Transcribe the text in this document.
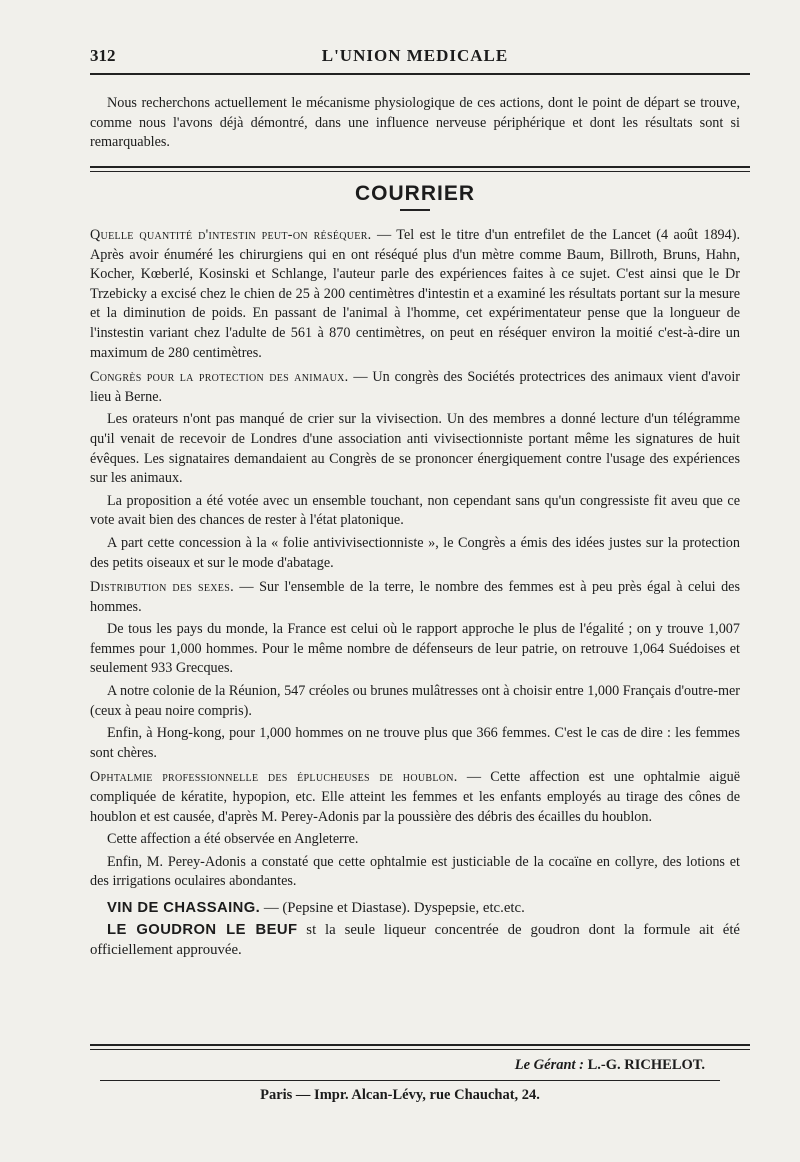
312	L'UNION MEDICALE

Nous recherchons actuellement le mécanisme physiologique de ces actions, dont le point de départ se trouve, comme nous l'avons déjà démontré, dans une influence nerveuse périphérique et dont les résultats sont si remarquables.

COURRIER

Quelle quantité d'intestin peut-on réséquer. — Tel est le titre d'un entrefilet de the Lancet (4 août 1894). Après avoir énuméré les chirurgiens qui en ont réséqué plus d'un mètre comme Baum, Billroth, Bruns, Hahn, Kocher, Kœberlé, Kosinski et Schlange, l'auteur parle des expériences faites à ce sujet. C'est ainsi que le Dr Trzebicky a excisé chez le chien de 25 à 200 centimètres d'intestin et a examiné les résultats portant sur la mesure et la diminution de poids. En passant de l'animal à l'homme, cet expérimentateur pense que la longueur de l'instestin variant chez l'adulte de 561 à 870 centimètres, on peut en réséquer environ la moitié c'est-à-dire un maximum de 280 centimètres.

Congrès pour la protection des animaux. — Un congrès des Sociétés protectrices des animaux vient d'avoir lieu à Berne.

Les orateurs n'ont pas manqué de crier sur la vivisection. Un des membres a donné lecture d'un télégramme qu'il venait de recevoir de Londres d'une association anti vivisectionniste portant même les signatures de huit évêques. Les signataires demandaient au Congrès de se prononcer énergiquement contre l'usage des expériences sur les animaux.

La proposition a été votée avec un ensemble touchant, non cependant sans qu'un congressiste fit aveu que ce vote avait bien des chances de rester à l'état platonique.

A part cette concession à la « folie antivivisectionniste », le Congrès a émis des idées justes sur la protection des petits oiseaux et sur le mode d'abatage.

Distribution des sexes. — Sur l'ensemble de la terre, le nombre des femmes est à peu près égal à celui des hommes.

De tous les pays du monde, la France est celui où le rapport approche le plus de l'égalité ; on y trouve 1,007 femmes pour 1,000 hommes. Pour le même nombre de défenseurs de leur patrie, on retrouve 1,064 Suédoises et seulement 933 Grecques.

A notre colonie de la Réunion, 547 créoles ou brunes mulâtresses ont à choisir entre 1,000 Français d'outre-mer (ceux à peau noire compris).

Enfin, à Hong-kong, pour 1,000 hommes on ne trouve plus que 366 femmes. C'est le cas de dire : les femmes sont chères.

Ophtalmie professionnelle des éplucheuses de houblon. — Cette affection est une ophtalmie aiguë compliquée de kératite, hypopion, etc. Elle atteint les femmes et les enfants employés au tirage des cônes de houblon et est causée, d'après M. Perey-Adonis par la poussière des débris des écailles du houblon.

Cette affection a été observée en Angleterre.

Enfin, M. Perey-Adonis a constaté que cette ophtalmie est justiciable de la cocaïne en collyre, des lotions et des irrigations oculaires abondantes.

VIN DE CHASSAING. — (Pepsine et Diastase). Dyspepsie, etc.etc.

LE GOUDRON LE BEUF st la seule liqueur concentrée de goudron dont la formule ait été officiellement approuvée.

Le Gérant : L.-G. RICHELOT.
Paris — Impr. Alcan-Lévy, rue Chauchat, 24.
